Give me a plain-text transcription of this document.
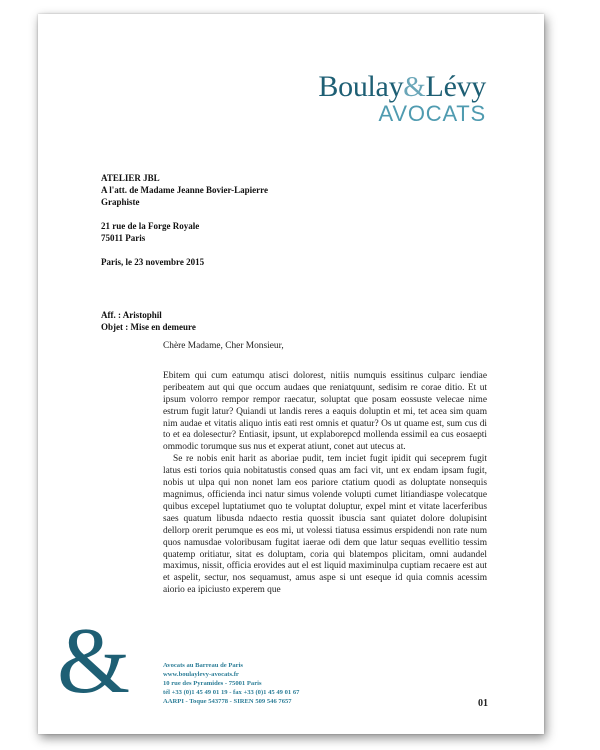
Boulay&Lévy
AVOCATS

ATELIER JBL

A l'att. de Madame Jeanne Bovier-Lapierre

Graphiste

21 rue de la Forge Royale

75011 Paris

Paris, le 23 novembre 2015

Aff. : Aristophil

Objet : Mise en demeure

Chère Madame, Cher Monsieur,

Ebitem qui cum eatumqu atisci dolorest, nitiis numquis essitinus culparc iendiae peribeatem aut qui que occum audaes que reniatquunt, sedisim re corae ditio. Et ut ipsum volorro rempor rempor raecatur, soluptat que posam eossuste velecae nime estrum fugit latur? Quiandi ut landis reres a eaquis doluptin et mi, tet acea sim quam nim audae et vitatis aliquo intis eati rest omnis et quatur? Os ut quame est, sum cus di to et ea dolesectur? Entiasit, ipsunt, ut explaborepcd mollenda essimil ea cus eosaepti ommodic torumque sus nus et experat atiunt, conet aut utecus at.

Se re nobis enit harit as aboriae pudit, tem inciet fugit ipidit qui seceprem fugit latus esti torios quia nobitatustis consed quas am faci vit, unt ex endam ipsam fugit, nobis ut ulpa qui non nonet lam eos pariore ctatium quodi as doluptate nonsequis magnimus, officienda inci natur simus volende volupti cumet litiandiaspe volecatque quibus excepel luptatiumet quo te voluptat doluptur, expel mint et vitate lacerferibus saes quatum libusda ndaecto restia quossit ibuscia sant quiatet dolore dolupisint dellorp orerit perumque es eos mi, ut volessi tiatusa essimus erspidendi non rate num quos namusdae voloribusam fugitat iaerae odi dem que latur sequas evellitio tessim quatemp oritiatur, sitat es doluptam, coria qui blatempos plicitam, omni audandel maximus, nissit, officia erovides aut el est liquid maximinulpa cuptiam recaere est aut et aspelit, sectur, nos sequamust, amus aspe si unt eseque id quia comnis acessim aiorio ea ipiciusto experem que

&	Avocats au Barreau de Paris

www.boulaylevy-avocats.fr

10 rue des Pyramides - 75001 Paris

tél +33 (0)1 45 49 01 19 - fax +33 (0)1 45 49 01 67

AARPI - Toque 543778 - SIREN 509 546 7657	01
